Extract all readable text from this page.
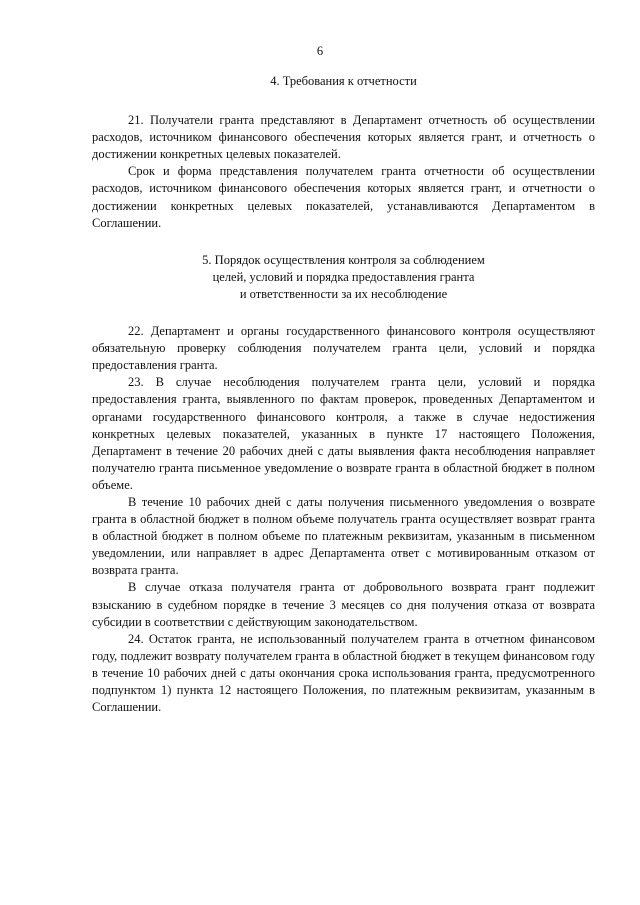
6

4. Требования к отчетности

21. Получатели гранта представляют в Департамент отчетность об осуществлении расходов, источником финансового обеспечения которых является грант, и отчетность о достижении конкретных целевых показателей.

Срок и форма представления получателем гранта отчетности об осуществлении расходов, источником финансового обеспечения которых является грант, и отчетности о достижении конкретных целевых показателей, устанавливаются Департаментом в Соглашении.

5. Порядок осуществления контроля за соблюдением
целей, условий и порядка предоставления гранта
и ответственности за их несоблюдение

22. Департамент и органы государственного финансового контроля осуществляют обязательную проверку соблюдения получателем гранта цели, условий и порядка предоставления гранта.

23. В случае несоблюдения получателем гранта цели, условий и порядка предоставления гранта, выявленного по фактам проверок, проведенных Департаментом и органами государственного финансового контроля, а также в случае недостижения конкретных целевых показателей, указанных в пункте 17 настоящего Положения, Департамент в течение 20 рабочих дней с даты выявления факта несоблюдения направляет получателю гранта письменное уведомление о возврате гранта в областной бюджет в полном объеме.

В течение 10 рабочих дней с даты получения письменного уведомления о возврате гранта в областной бюджет в полном объеме получатель гранта осуществляет возврат гранта в областной бюджет в полном объеме по платежным реквизитам, указанным в письменном уведомлении, или направляет в адрес Департамента ответ с мотивированным отказом от возврата гранта.

В случае отказа получателя гранта от добровольного возврата грант подлежит взысканию в судебном порядке в течение 3 месяцев со дня получения отказа от возврата субсидии в соответствии с действующим законодательством.

24. Остаток гранта, не использованный получателем гранта в отчетном финансовом году, подлежит возврату получателем гранта в областной бюджет в текущем финансовом году в течение 10 рабочих дней с даты окончания срока использования гранта, предусмотренного подпунктом 1) пункта 12 настоящего Положения, по платежным реквизитам, указанным в Соглашении.
